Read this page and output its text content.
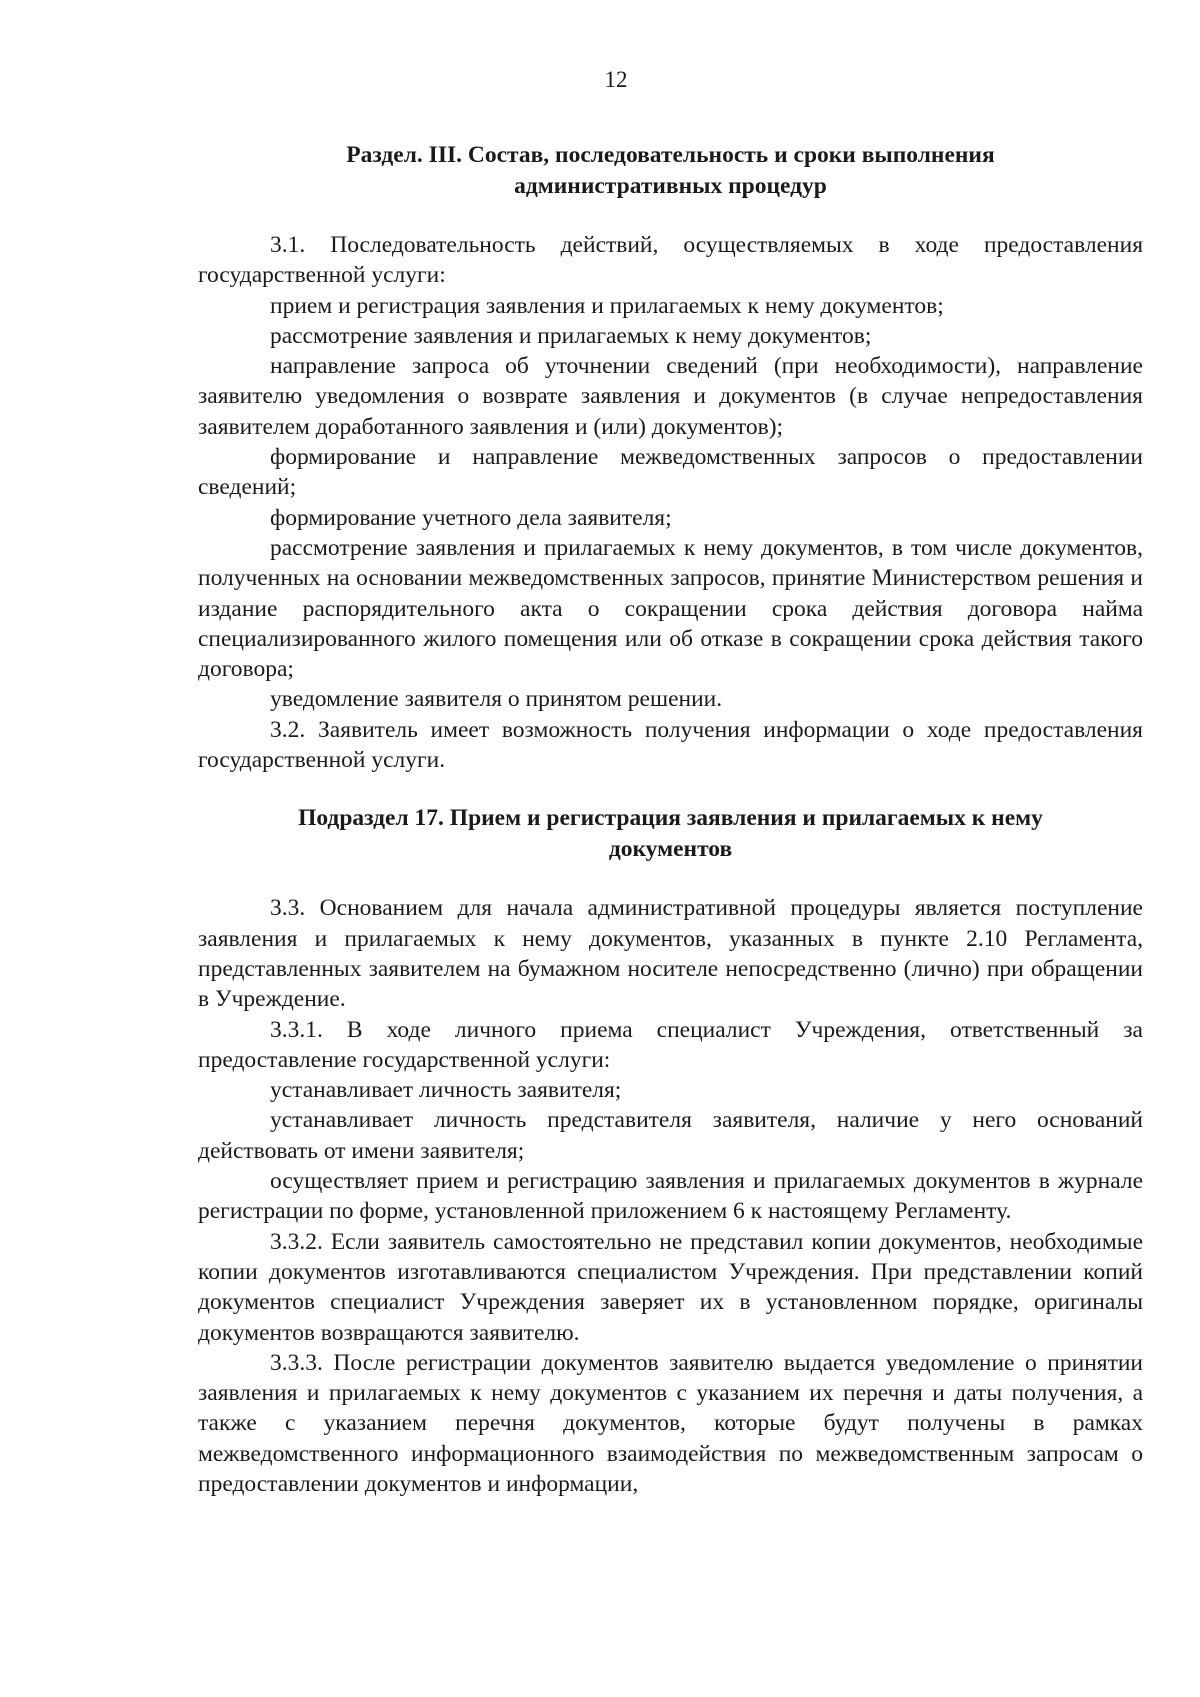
12
Раздел. III. Состав, последовательность и сроки выполнения
административных процедур

3.1. Последовательность действий, осуществляемых в ходе предоставления государственной услуги:

прием и регистрация заявления и прилагаемых к нему документов;

рассмотрение заявления и прилагаемых к нему документов;

направление запроса об уточнении сведений (при необходимости), направление заявителю уведомления о возврате заявления и документов (в случае непредоставления заявителем доработанного заявления и (или) документов);

формирование и направление межведомственных запросов о предоставлении сведений;

формирование учетного дела заявителя;

рассмотрение заявления и прилагаемых к нему документов, в том числе документов, полученных на основании межведомственных запросов, принятие Министерством решения и издание распорядительного акта о сокращении срока действия договора найма специализированного жилого помещения или об отказе в сокращении срока действия такого договора;

уведомление заявителя о принятом решении.

3.2. Заявитель имеет возможность получения информации о ходе предоставления государственной услуги.

Подраздел 17. Прием и регистрация заявления и прилагаемых к нему
документов

3.3. Основанием для начала административной процедуры является поступление заявления и прилагаемых к нему документов, указанных в пункте 2.10 Регламента, представленных заявителем на бумажном носителе непосредственно (лично) при обращении в Учреждение.

3.3.1. В ходе личного приема специалист Учреждения, ответственный за предоставление государственной услуги:

устанавливает личность заявителя;

устанавливает личность представителя заявителя, наличие у него оснований действовать от имени заявителя;

осуществляет прием и регистрацию заявления и прилагаемых документов в журнале регистрации по форме, установленной приложением 6 к настоящему Регламенту.

3.3.2. Если заявитель самостоятельно не представил копии документов, необходимые копии документов изготавливаются специалистом Учреждения. При представлении копий документов специалист Учреждения заверяет их в установленном порядке, оригиналы документов возвращаются заявителю.

3.3.3. После регистрации документов заявителю выдается уведомление о принятии заявления и прилагаемых к нему документов с указанием их перечня и даты получения, а также с указанием перечня документов, которые будут получены в рамках межведомственного информационного взаимодействия по межведомственным запросам о предоставлении документов и информации,
